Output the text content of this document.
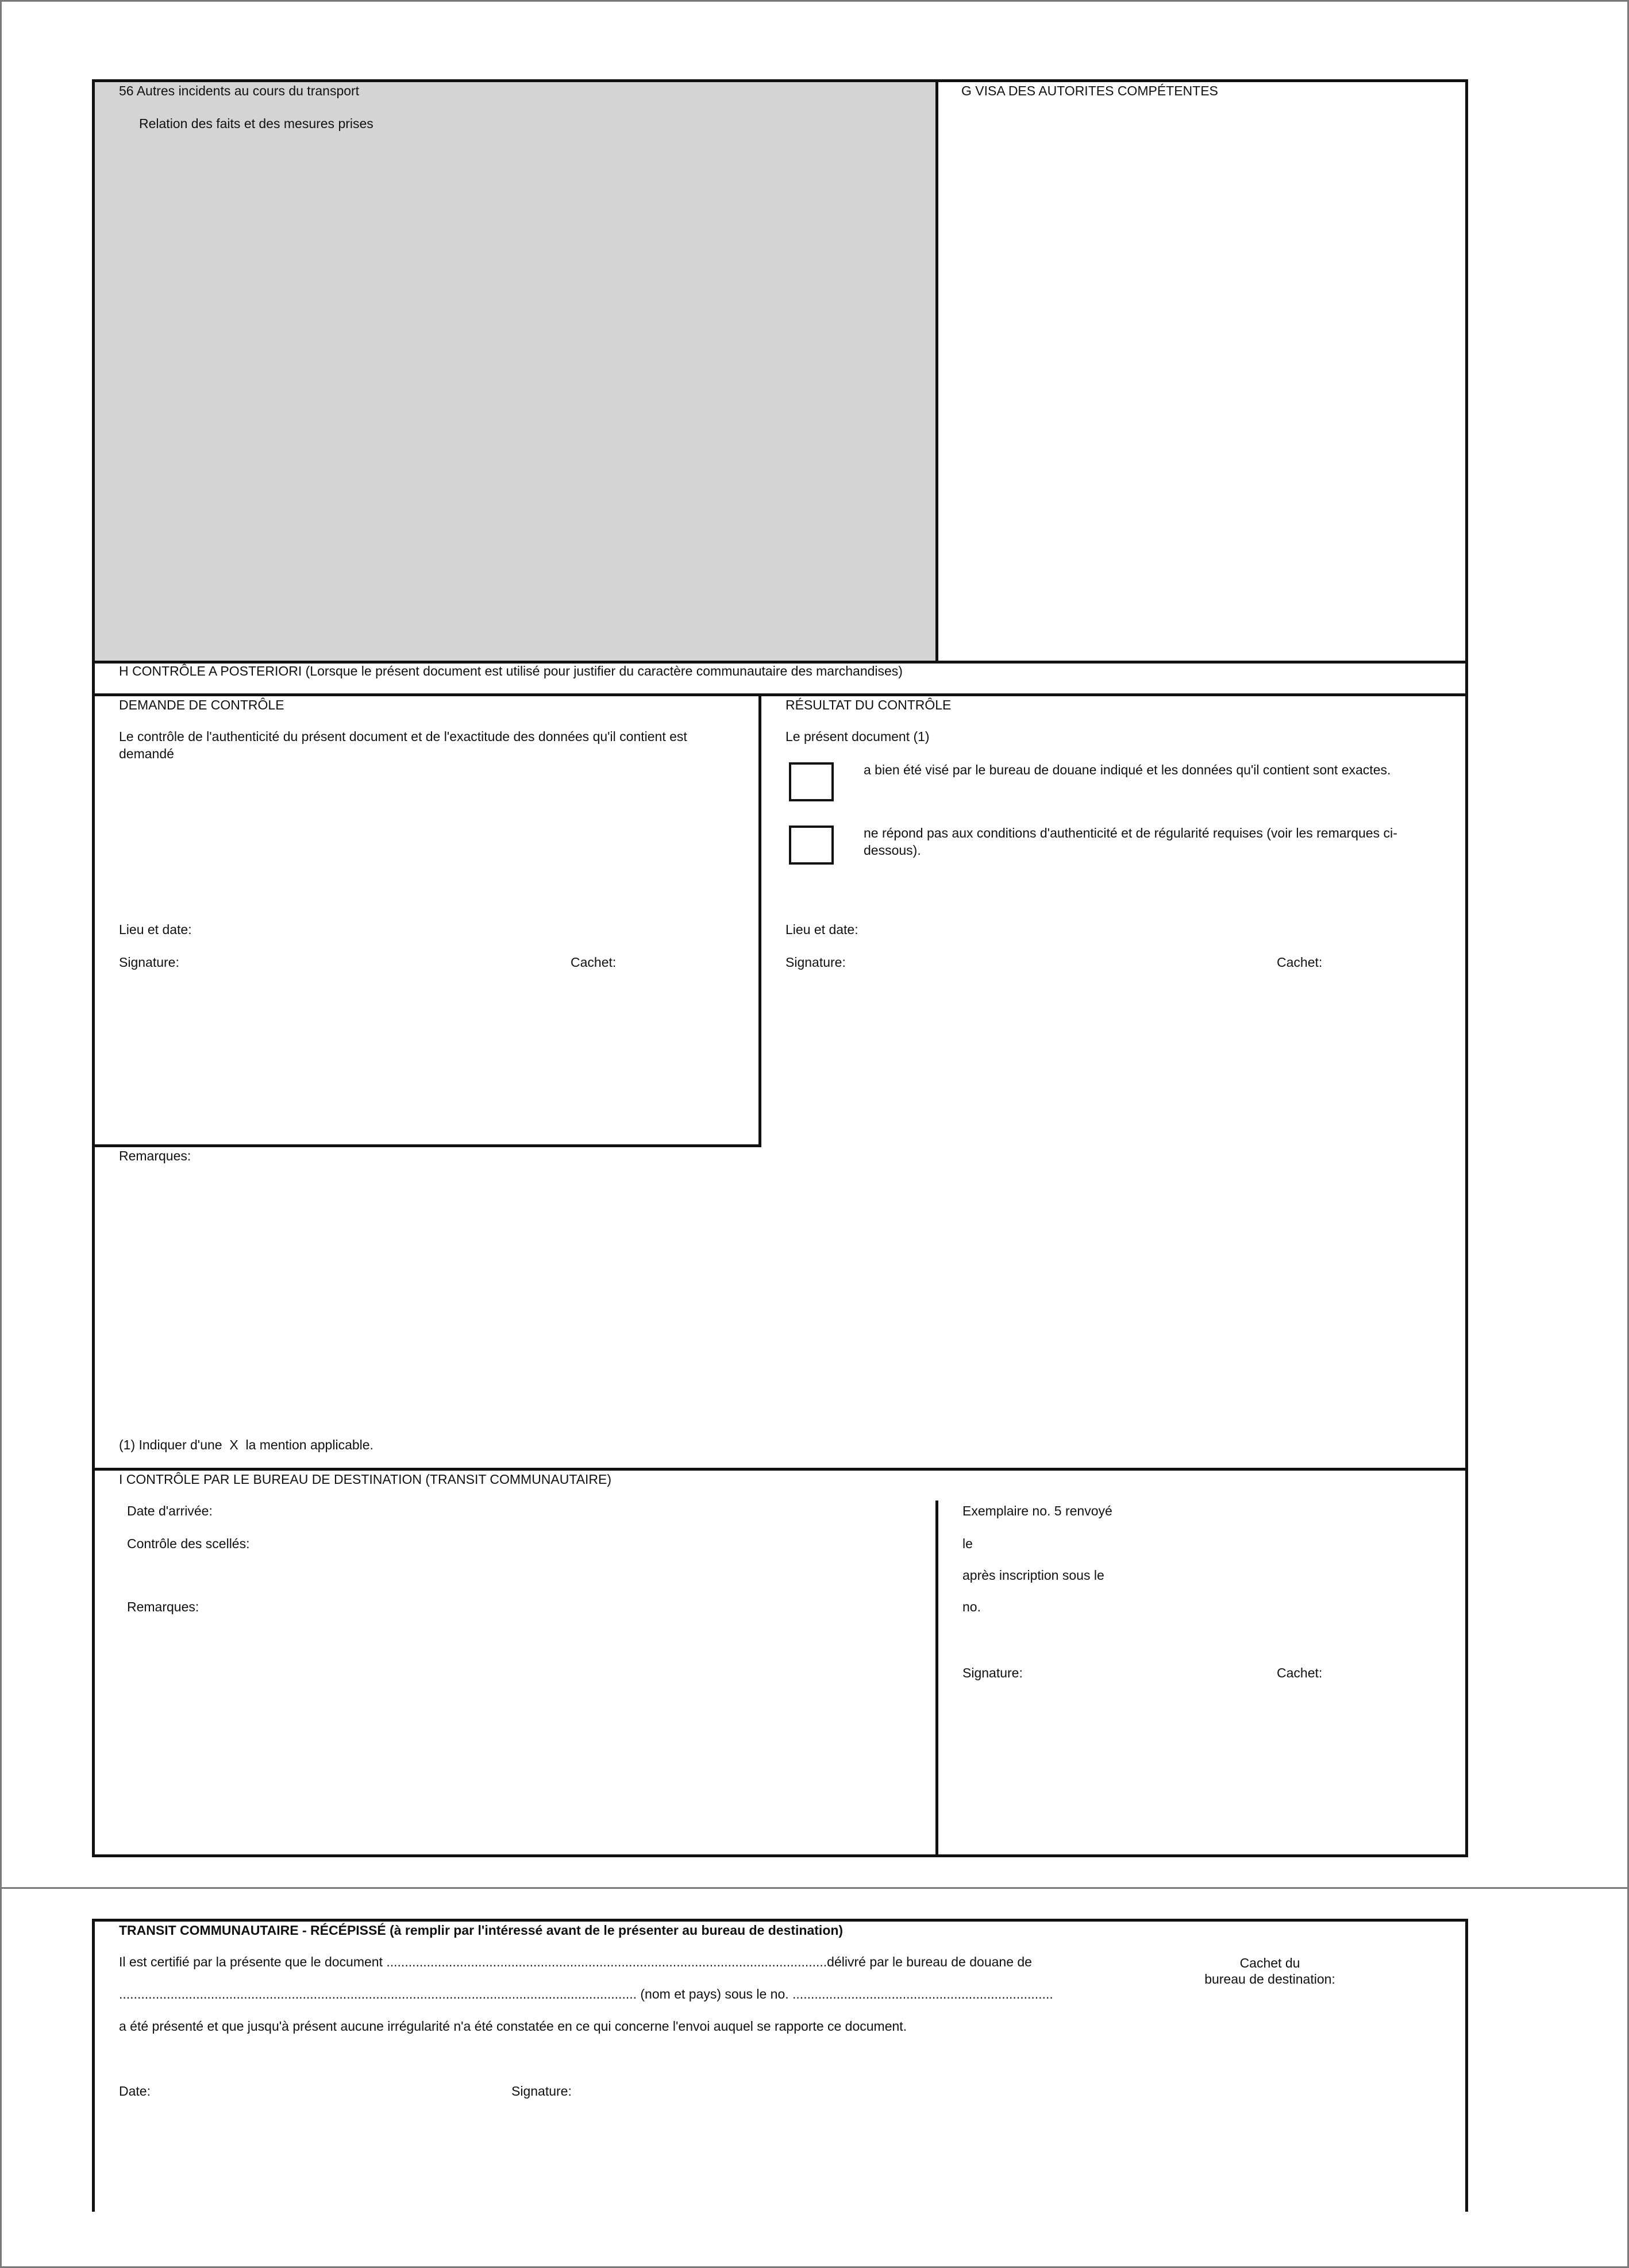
56 Autres incidents au cours du transport
Relation des faits et des mesures prises
G VISA DES AUTORITES COMPÉTENTES
H CONTRÔLE A POSTERIORI (Lorsque le présent document est utilisé pour justifier du caractère communautaire des marchandises)
DEMANDE DE CONTRÔLE
Le contrôle de l'authenticité du présent document et de l'exactitude des données qu'il contient est demandé
Lieu et date:
Signature:	Cachet:
RÉSULTAT DU CONTRÔLE
Le présent document (1)
a bien été visé par le bureau de douane indiqué et les données qu'il contient sont exactes.
ne répond pas aux conditions d'authenticité et de régularité requises (voir les remarques ci-dessous).
Lieu et date:
Signature:	Cachet:
Remarques:
(1) Indiquer d'une  X  la mention applicable.
I CONTRÔLE PAR LE BUREAU DE DESTINATION (TRANSIT COMMUNAUTAIRE)
Date d'arrivée:
Contrôle des scellés:
Remarques:
Exemplaire no. 5 renvoyé
le
après inscription sous le
no.
Signature:	Cachet:
TRANSIT COMMUNAUTAIRE - RÉCÉPISSÉ (à remplir par l'intéressé avant de le présenter au bureau de destination)
Il est certifié par la présente que le document ........................................................................................................................délivré par le bureau de douane de
............................................................................................................................................. (nom et pays) sous le no. .......................................................................
a été présenté et que jusqu'à présent aucune irrégularité n'a été constatée en ce qui concerne l'envoi auquel se rapporte ce document.
Cachet du
bureau de destination:
Date:	Signature:
